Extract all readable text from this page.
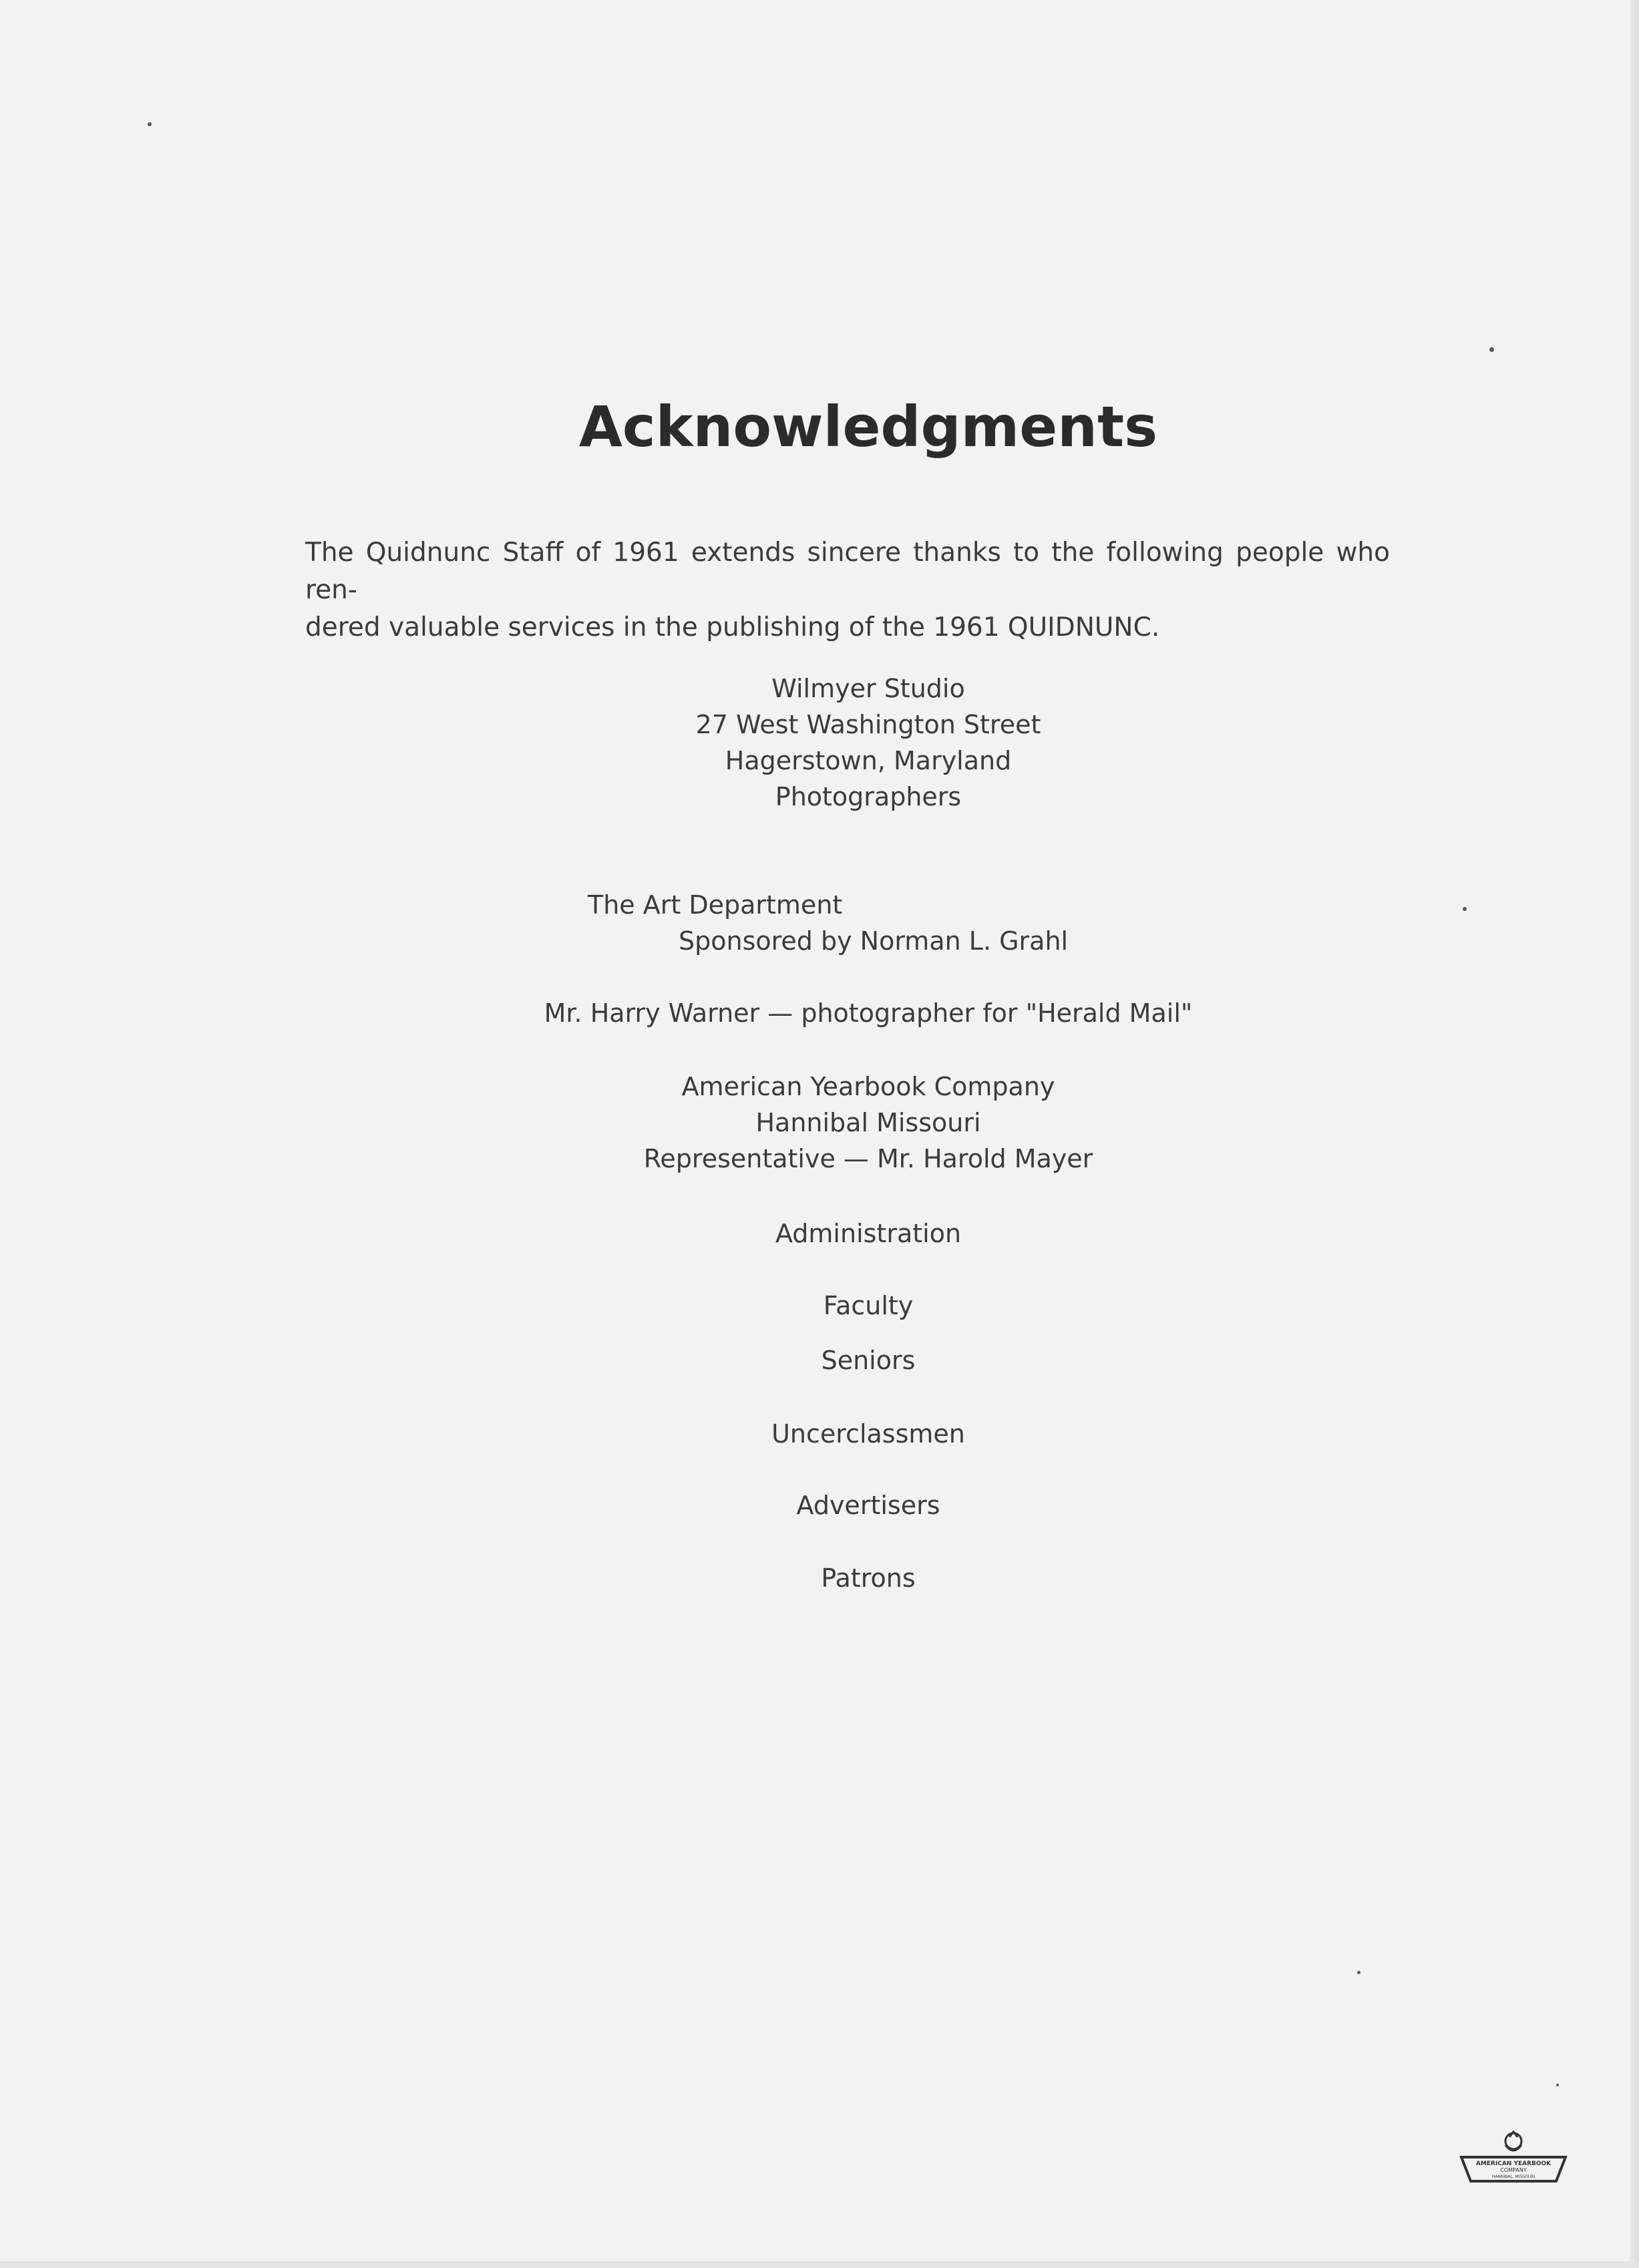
Acknowledgments
The Quidnunc Staff of 1961 extends sincere thanks to the following people who ren-
dered valuable services in the publishing of the 1961 QUIDNUNC.
Wilmyer Studio
27 West Washington Street
Hagerstown, Maryland
Photographers
The Art Department
Sponsored by Norman L. Grahl
Mr. Harry Warner — photographer for "Herald Mail"
American Yearbook Company
Hannibal Missouri
Representative — Mr. Harold Mayer
Administration
Faculty
Seniors
Uncerclassmen
Advertisers
Patrons
AMERICAN YEARBOOK
COMPANY
HANNIBAL, MISSOURI
